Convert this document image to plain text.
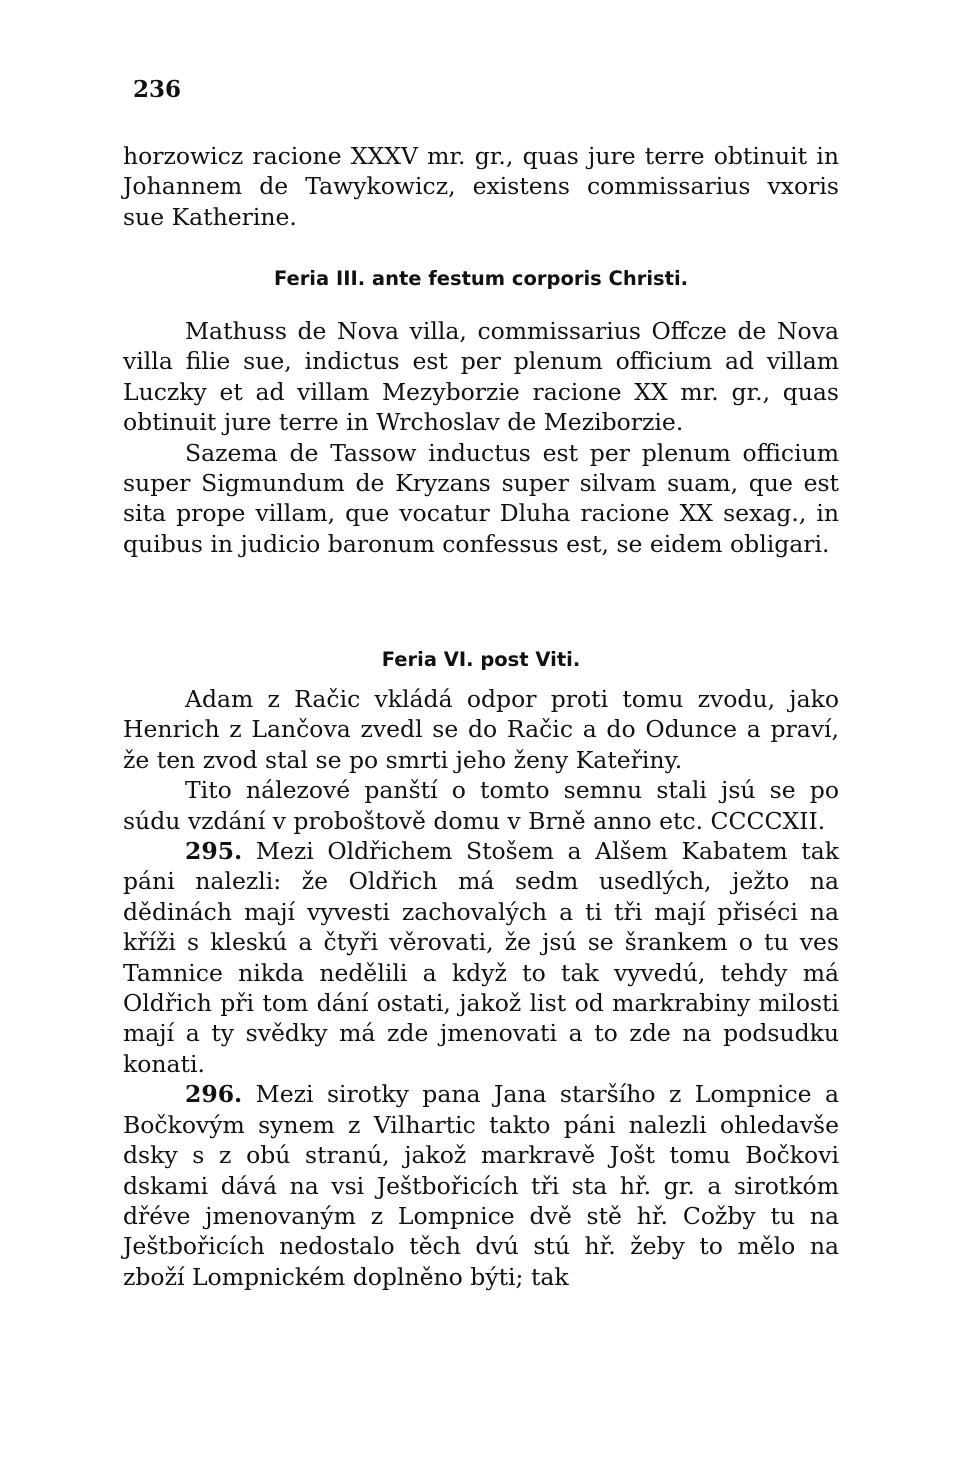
236

horzowicz racione XXXV mr. gr., quas jure terre obtinuit in Johannem de Tawykowicz, existens commissarius vxoris sue Katherine.

Feria III. ante festum corporis Christi.

Mathuss de Nova villa, commissarius Offcze de Nova villa filie sue, indictus est per plenum officium ad villam Luczky et ad villam Mezyborzie racione XX mr. gr., quas obtinuit jure terre in Wrchoslav de Meziborzie.

Sazema de Tassow inductus est per plenum officium super Sigmundum de Kryzans super silvam suam, que est sita prope villam, que vocatur Dluha racione XX sexag., in quibus in judicio baronum confessus est, se eidem obligari.

Feria VI. post Viti.

Adam z Račic vkládá odpor proti tomu zvodu, jako Henrich z Lančova zvedl se do Račic a do Odunce a praví, že ten zvod stal se po smrti jeho ženy Kateřiny.

Tito nálezové panští o tomto semnu stali jsú se po súdu vzdání v proboštově domu v Brně anno etc. CCCCXII.

295. Mezi Oldřichem Stošem a Alšem Kabatem tak páni nalezli: že Oldřich má sedm usedlých, ježto na dědinách mají vyvesti zachovalých a ti tři mají přiséci na kříži s kleskú a čtyři věrovati, že jsú se šrankem o tu ves Tamnice nikda nedělili a když to tak vyvedú, tehdy má Oldřich při tom dání ostati, jakož list od markrabiny milosti mají a ty svědky má zde jmenovati a to zde na podsudku konati.

296. Mezi sirotky pana Jana staršího z Lompnice a Bočkovým synem z Vilhartic takto páni nalezli ohledavše dsky s z obú stranú, jakož markravě Jošt tomu Bočkovi dskami dává na vsi Ještbořicích tři sta hř. gr. a sirotkóm dřéve jmenovaným z Lompnice dvě stě hř. Cožby tu na Ještbořicích nedostalo těch dvú stú hř. žeby to mělo na zboží Lompnickém doplněno býti; tak
